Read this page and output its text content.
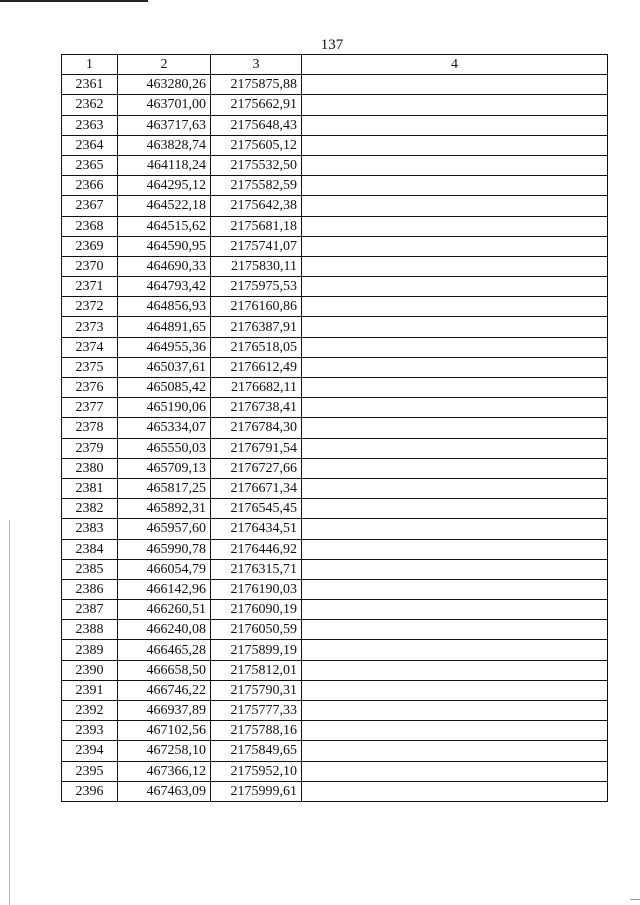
137
1	2	3	4
2361	463280,26	2175875,88	
2362	463701,00	2175662,91	
2363	463717,63	2175648,43	
2364	463828,74	2175605,12	
2365	464118,24	2175532,50	
2366	464295,12	2175582,59	
2367	464522,18	2175642,38	
2368	464515,62	2175681,18	
2369	464590,95	2175741,07	
2370	464690,33	2175830,11	
2371	464793,42	2175975,53	
2372	464856,93	2176160,86	
2373	464891,65	2176387,91	
2374	464955,36	2176518,05	
2375	465037,61	2176612,49	
2376	465085,42	2176682,11	
2377	465190,06	2176738,41	
2378	465334,07	2176784,30	
2379	465550,03	2176791,54	
2380	465709,13	2176727,66	
2381	465817,25	2176671,34	
2382	465892,31	2176545,45	
2383	465957,60	2176434,51	
2384	465990,78	2176446,92	
2385	466054,79	2176315,71	
2386	466142,96	2176190,03	
2387	466260,51	2176090,19	
2388	466240,08	2176050,59	
2389	466465,28	2175899,19	
2390	466658,50	2175812,01	
2391	466746,22	2175790,31	
2392	466937,89	2175777,33	
2393	467102,56	2175788,16	
2394	467258,10	2175849,65	
2395	467366,12	2175952,10	
2396	467463,09	2175999,61	
